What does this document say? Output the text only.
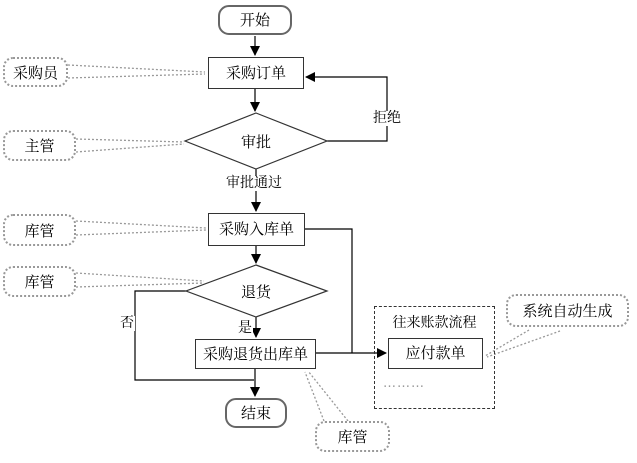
开始
采购订单
审批
采购入库单
退货
采购退货出库单
结束
往来账款流程
应付款单
………
拒绝
审批通过
否	是
采购员
主管
库管
库管
库管
系统自动生成
